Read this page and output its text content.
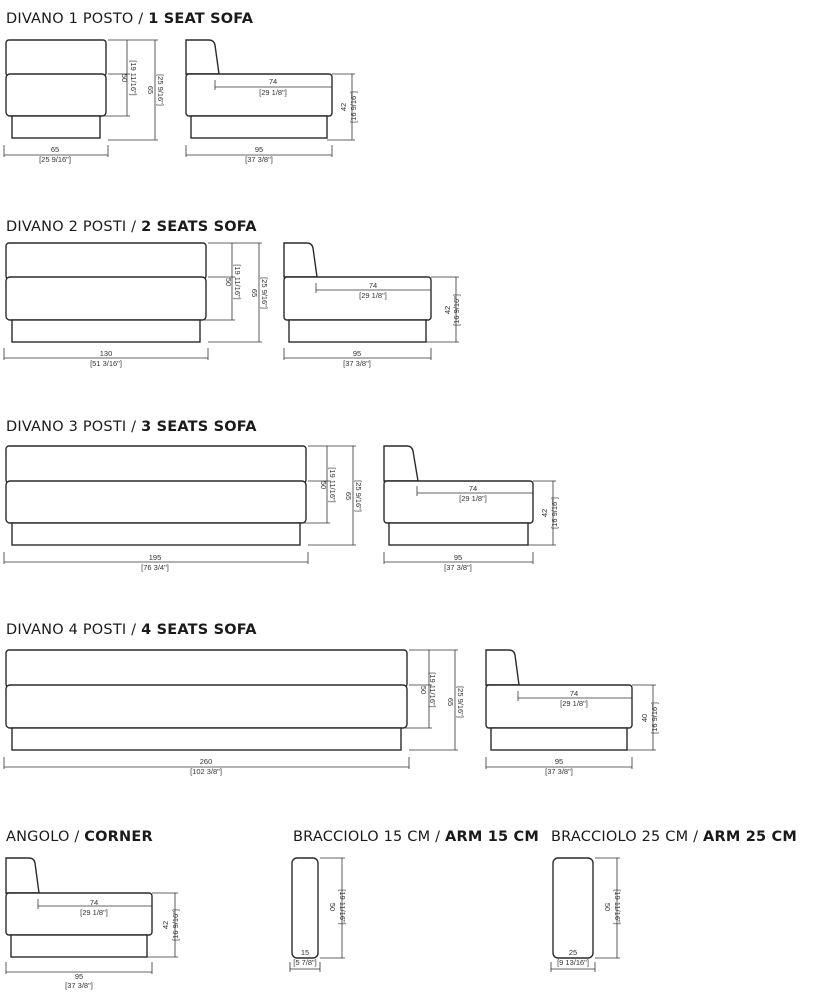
DIVANO 1 POSTO / 1 SEAT SOFA
DIVANO 2 POSTI / 2 SEATS SOFA
DIVANO 3 POSTI / 3 SEATS SOFA
DIVANO 4 POSTI / 4 SEATS SOFA
ANGOLO / CORNER	BRACCIOLO 15 CM / ARM 15 CM BRACCIOLO 25 CM / ARM 25 CM
65
[25 9/16"]
50 [19 11/16"] 65 [25 9/16"]	74
[29 1/8"]
42 [16 9/16"]
95
[37 3/8"]
130
[51 3/16"]
50 [19 11/16"] 65 [25 9/16"]	74
[29 1/8"]
42 [16 9/16"]
95
[37 3/8"]
195
[76 3/4"]
50 [19 11/16"] 65 [25 9/16"]	74
[29 1/8"]
42 [16 9/16"]
95
[37 3/8"]
260
[102 3/8"]
50 [19 11/16"] 65 [25 9/16"]	74
[29 1/8"]
40 [16 9/16"]
95
[37 3/8"]
74
[29 1/8"]
42 [16 9/16"]
95
[37 3/8"]
50 [19 11/16"]
15
[5 7/8"]
50 [19 11/16"]
25
[9 13/16"]
